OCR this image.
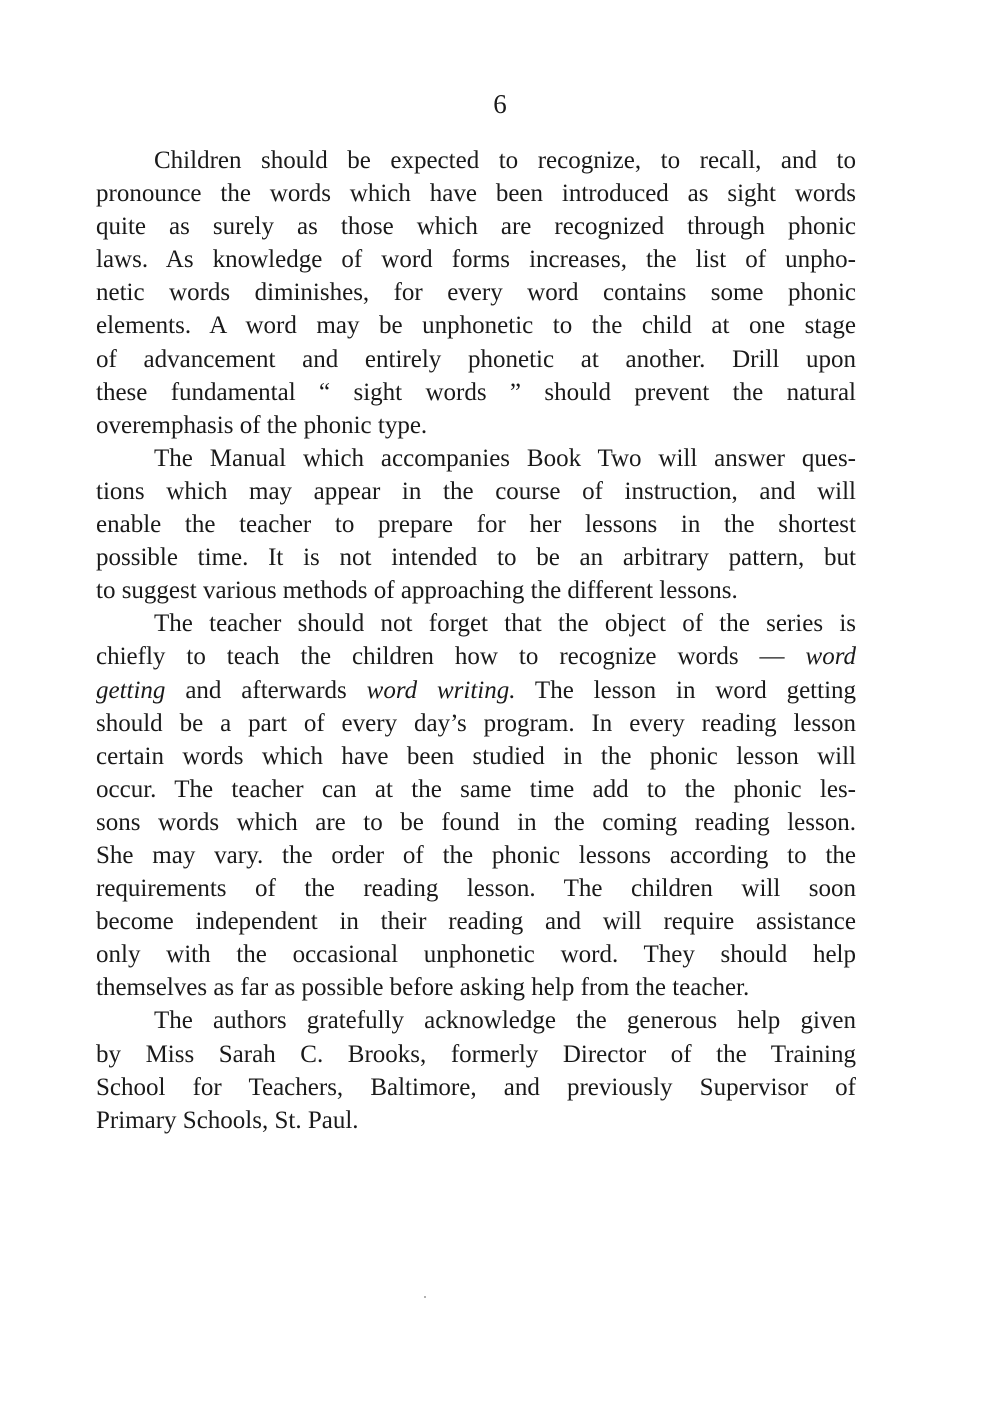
6
Children should be expected to recognize, to recall, and to
pronounce the words which have been introduced as sight words
quite as surely as those which are recognized through phonic
laws. As knowledge of word forms increases, the list of unpho-
netic words diminishes, for every word contains some phonic
elements. A word may be unphonetic to the child at one stage
of advancement and entirely phonetic at another. Drill upon
these fundamental “ sight words ” should prevent the natural
overemphasis of the phonic type.
The Manual which accompanies Book Two will answer ques-
tions which may appear in the course of instruction, and will
enable the teacher to prepare for her lessons in the shortest
possible time. It is not intended to be an arbitrary pattern, but
to suggest various methods of approaching the different lessons.
The teacher should not forget that the object of the series is
chiefly to teach the children how to recognize words — word
getting and afterwards word writing. The lesson in word getting
should be a part of every day’s program. In every reading lesson
certain words which have been studied in the phonic lesson will
occur. The teacher can at the same time add to the phonic les-
sons words which are to be found in the coming reading lesson.
She may vary. the order of the phonic lessons according to the
requirements of the reading lesson. The children will soon
become independent in their reading and will require assistance
only with the occasional unphonetic word. They should help
themselves as far as possible before asking help from the teacher.
The authors gratefully acknowledge the generous help given
by Miss Sarah C. Brooks, formerly Director of the Training
School for Teachers, Baltimore, and previously Supervisor of
Primary Schools, St. Paul.
